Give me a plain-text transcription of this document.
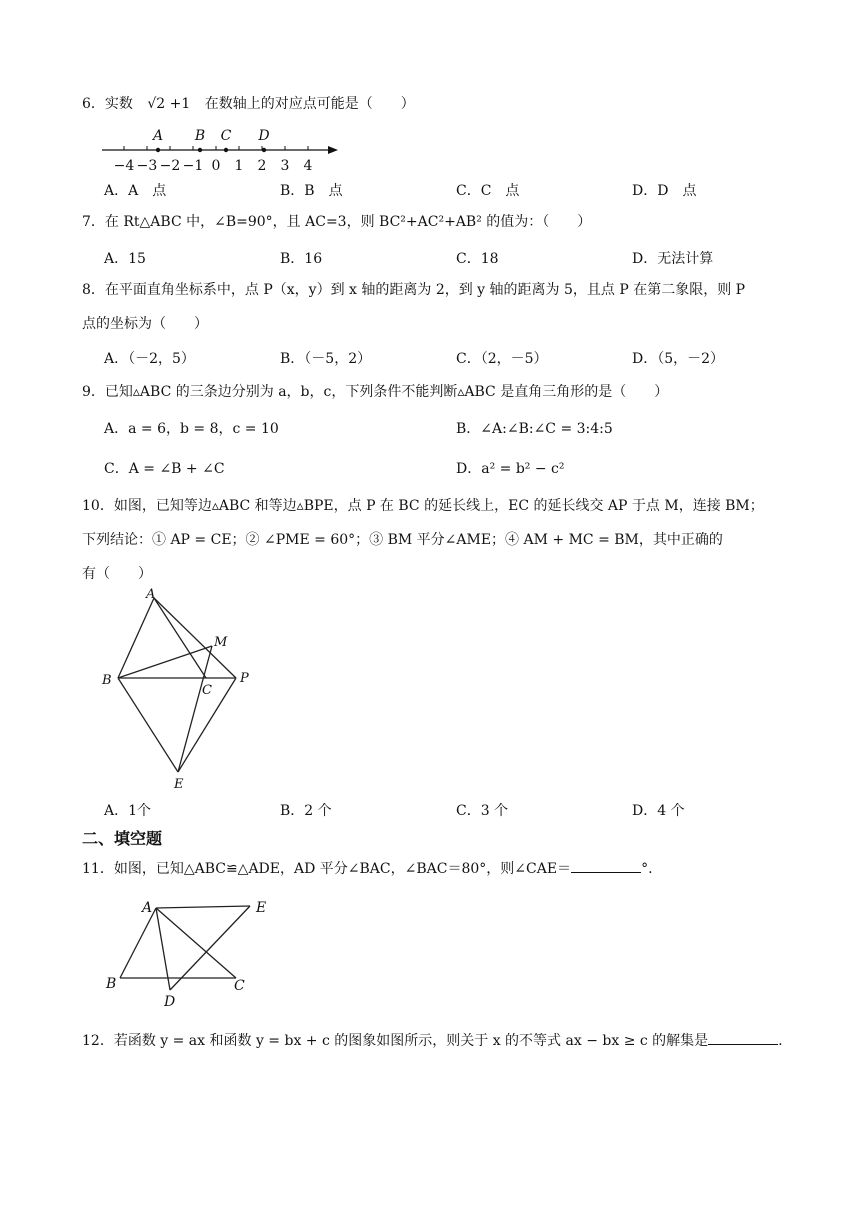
6．实数 √2 +1 在数轴上的对应点可能是（　　）
−4 −3 −2 −1 0 1 2 3 4
A B C D
A．A　点	B．B　点	C．C　点	D．D　点
7．在 Rt△ABC 中，∠B=90°，且 AC=3，则 BC²+AC²+AB² 的值为：（　　）
A．15	B．16	C．18	D．无法计算
8．在平面直角坐标系中，点 P（x，y）到 x 轴的距离为 2，到 y 轴的距离为 5，且点 P 在第二象限，则 P
点的坐标为（　　）
A．（－2，5）	B．（－5，2）	C．（2，－5）	D．（5，－2）
9．已知▵ABC 的三条边分别为 a，b，c，下列条件不能判断▵ABC 是直角三角形的是（　　）
A．a = 6，b = 8，c = 10	B．∠A:∠B:∠C = 3:4:5
C．A = ∠B + ∠C	D．a² = b² − c²
10．如图，已知等边▵ABC 和等边▵BPE，点 P 在 BC 的延长线上，EC 的延长线交 AP 于点 M，连接 BM；
下列结论：① AP = CE；② ∠PME = 60°；③ BM 平分∠AME；④ AM + MC = BM，其中正确的
有（　　）
A
M
B
C
P
E
A．1个	B．2 个	C．3 个	D．4 个
二、填空题
11．如图，已知△ABC≌△ADE，AD 平分∠BAC，∠BAC＝80°，则∠CAE＝	°.
A	E
B
D
C
12．若函数 y = ax 和函数 y = bx + c 的图象如图所示，则关于 x 的不等式 ax − bx ≥ c 的解集是	.
